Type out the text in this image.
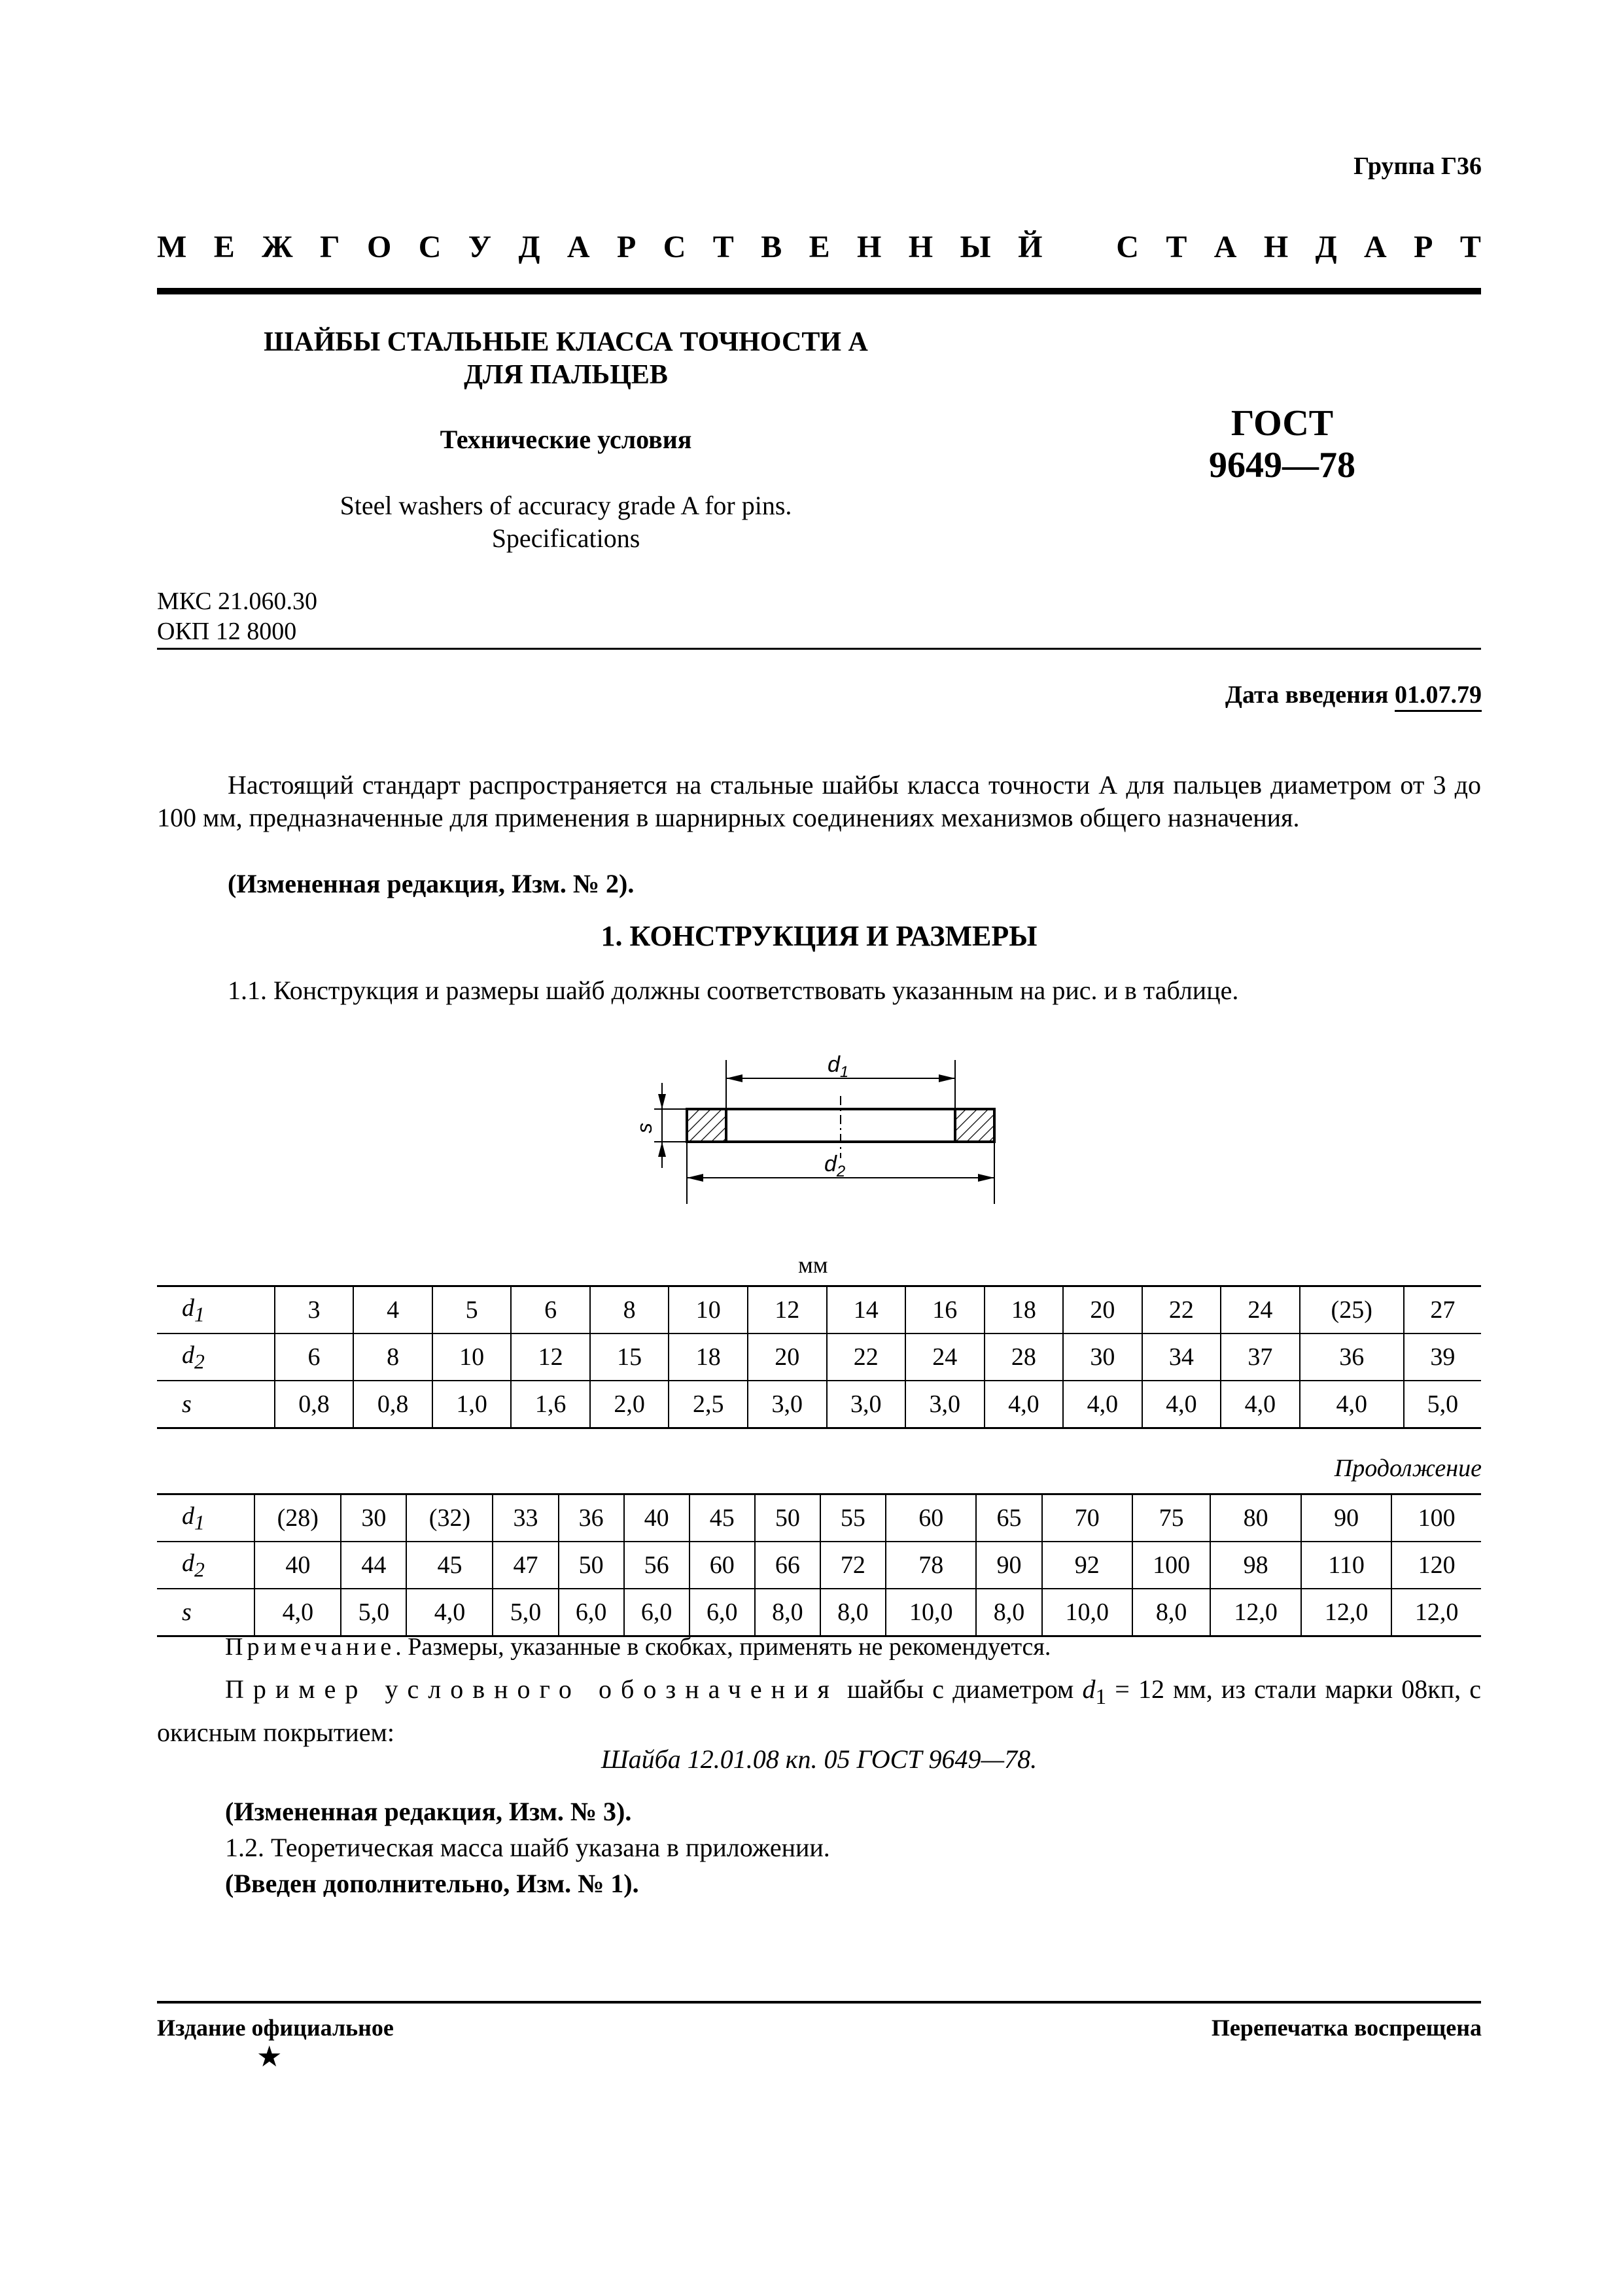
Группа Г36
М Е Ж Г О С У Д А Р С Т В Е Н Н Ы Й С Т А Н Д А Р Т
ШАЙБЫ СТАЛЬНЫЕ КЛАССА ТОЧНОСТИ А
ДЛЯ ПАЛЬЦЕВ
Технические условия
Steel washers of accuracy grade A for pins.
Specifications
ГОСТ
9649—78
МКС 21.060.30
ОКП 12 8000
Дата введения 01.07.79
Настоящий стандарт распространяется на стальные шайбы класса точности А для пальцев диаметром от 3 до 100 мм, предназначенные для применения в шарнирных соединениях механизмов общего назначения.
(Измененная редакция, Изм. № 2).
1. КОНСТРУКЦИЯ И РАЗМЕРЫ
1.1. Конструкция и размеры шайб должны соответствовать указанным на рис. и в таблице.
$d_1$
$d_2$
s
мм
$d_1$	3	4	5	6	8	10	12	14	16	18	20	22	24	(25)	27
$d_2$	6	8	10	12	15	18	20	22	24	28	30	34	37	36	39
s	0,8	0,8	1,0	1,6	2,0	2,5	3,0	3,0	3,0	4,0	4,0	4,0	4,0	4,0	5,0
Продолжение
$d_1$	(28)	30	(32)	33	36	40	45	50	55	60	65	70	75	80	90	100
$d_2$	40	44	45	47	50	56	60	66	72	78	90	92	100	98	110	120
s	4,0	5,0	4,0	5,0	6,0	6,0	6,0	8,0	8,0	10,0	8,0	10,0	8,0	12,0	12,0	12,0
Примечание. Размеры, указанные в скобках, применять не рекомендуется.
Пример условного обозначения шайбы с диаметром $d_1 = 12$ мм, из стали марки 08кп, с окисным покрытием:
Шайба 12.01.08 кп. 05 ГОСТ 9649—78.
(Измененная редакция, Изм. № 3).
1.2. Теоретическая масса шайб указана в приложении.
(Введен дополнительно, Изм. № 1).
Издание официальное
★
Перепечатка воспрещена
